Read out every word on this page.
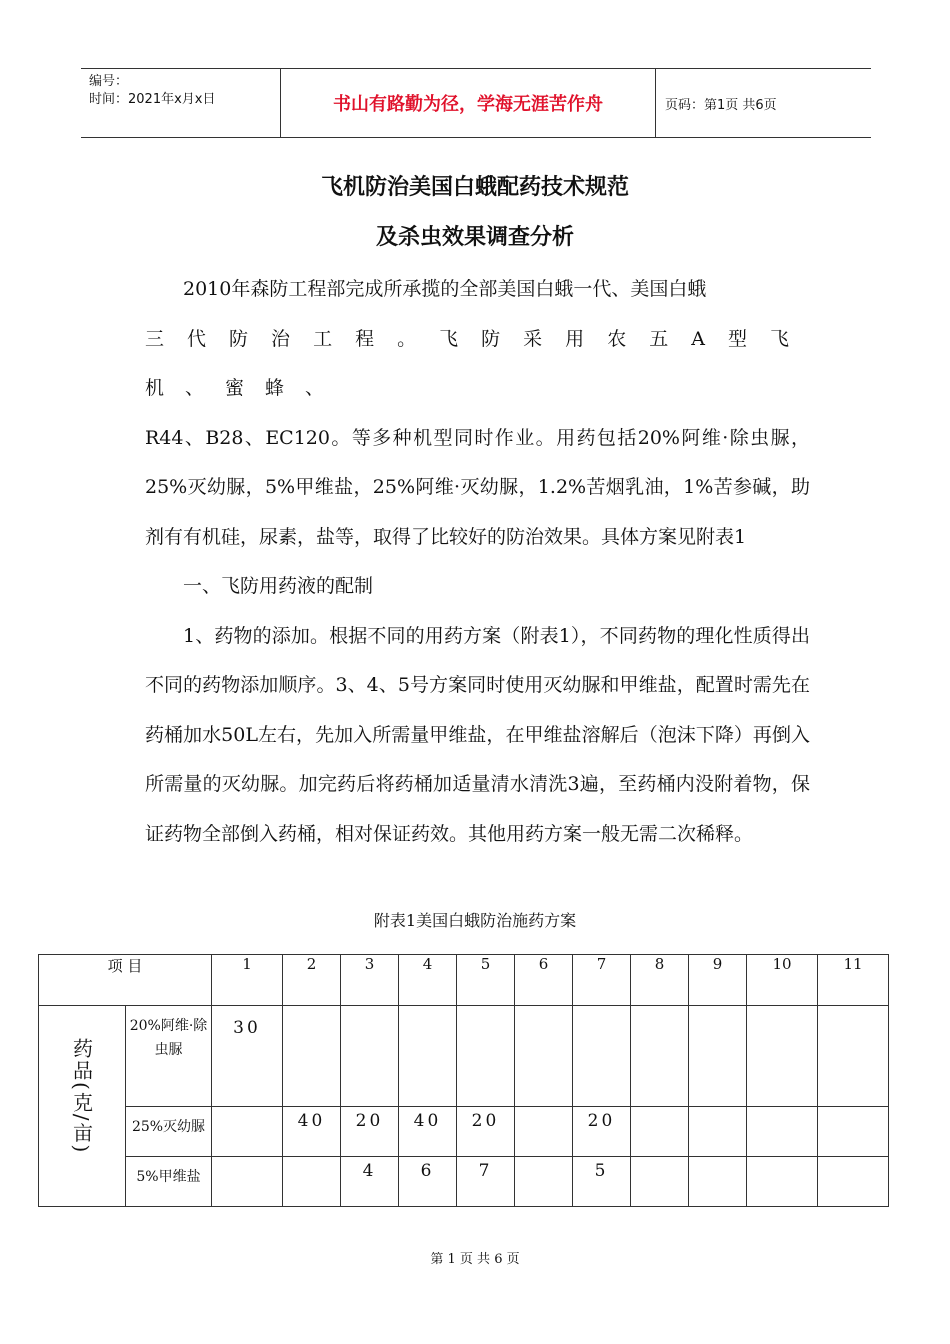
编号：
时间：2021年x月x日	书山有路勤为径，学海无涯苦作舟	页码：第1页 共6页
飞机防治美国白蛾配药技术规范
及杀虫效果调查分析

2010年森防工程部完成所承揽的全部美国白蛾一代、美国白蛾

三代防治工程。飞防采用农五A型飞机、蜜蜂、

R44、B28、EC120。等多种机型同时作业。用药包括20%阿维·除虫脲，25%灭幼脲，5%甲维盐，25%阿维·灭幼脲，1.2%苦烟乳油，1%苦参碱，助剂有有机硅，尿素，盐等，取得了比较好的防治效果。具体方案见附表1

一、飞防用药液的配制

1、药物的添加。根据不同的用药方案（附表1），不同药物的理化性质得出不同的药物添加顺序。3、4、5号方案同时使用灭幼脲和甲维盐，配置时需先在药桶加水50L左右，先加入所需量甲维盐，在甲维盐溶解后（泡沫下降）再倒入所需量的灭幼脲。加完药后将药桶加适量清水清洗3遍，至药桶内没附着物，保证药物全部倒入药桶，相对保证药效。其他用药方案一般无需二次稀释。

附表1美国白蛾防治施药方案
项 目		1	2	3	4	5	6	7	8	9	10	11

药品(克/亩)	20%阿维·除虫脲	30										
	25%灭幼脲		40	20	40	20		20				
	5%甲维盐			4	6	7		5				
第 1 页 共 6 页
